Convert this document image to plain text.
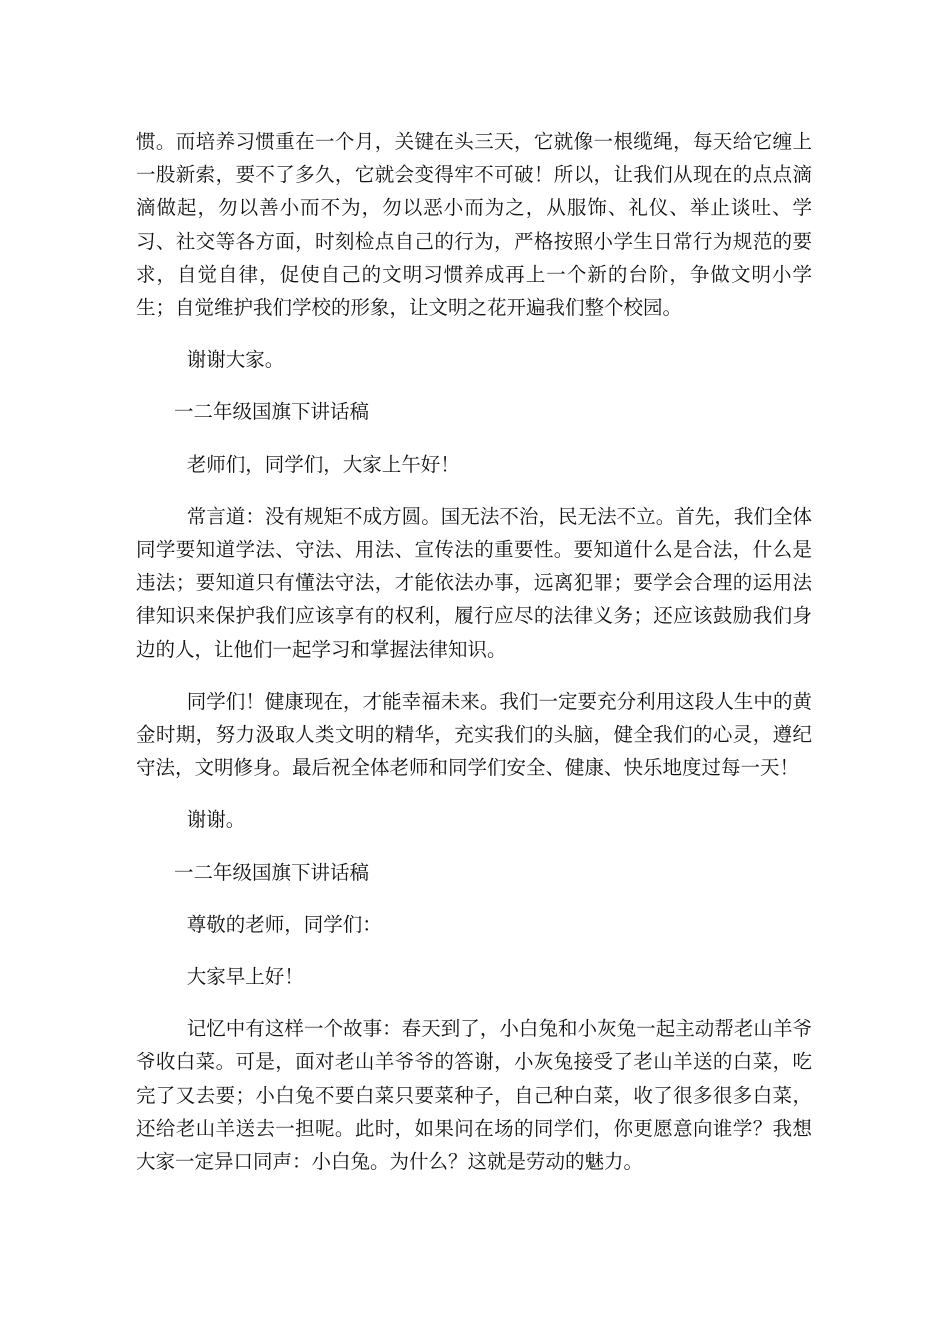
惯。而培养习惯重在一个月，关键在头三天，它就像一根缆绳，每天给它缠上一股新索，要不了多久，它就会变得牢不可破！所以，让我们从现在的点点滴滴做起，勿以善小而不为，勿以恶小而为之，从服饰、礼仪、举止谈吐、学习、社交等各方面，时刻检点自己的行为，严格按照小学生日常行为规范的要求，自觉自律，促使自己的文明习惯养成再上一个新的台阶，争做文明小学生；自觉维护我们学校的形象，让文明之花开遍我们整个校园。

谢谢大家。

一二年级国旗下讲话稿

老师们，同学们，大家上午好！

常言道：没有规矩不成方圆。国无法不治，民无法不立。首先，我们全体同学要知道学法、守法、用法、宣传法的重要性。要知道什么是合法，什么是违法；要知道只有懂法守法，才能依法办事，远离犯罪；要学会合理的运用法律知识来保护我们应该享有的权利，履行应尽的法律义务；还应该鼓励我们身边的人，让他们一起学习和掌握法律知识。

同学们！健康现在，才能幸福未来。我们一定要充分利用这段人生中的黄金时期，努力汲取人类文明的精华，充实我们的头脑，健全我们的心灵，遵纪守法，文明修身。最后祝全体老师和同学们安全、健康、快乐地度过每一天！

谢谢。

一二年级国旗下讲话稿

尊敬的老师，同学们：

大家早上好！

记忆中有这样一个故事：春天到了，小白兔和小灰兔一起主动帮老山羊爷爷收白菜。可是，面对老山羊爷爷的答谢，小灰兔接受了老山羊送的白菜，吃完了又去要；小白兔不要白菜只要菜种子，自己种白菜，收了很多很多白菜，还给老山羊送去一担呢。此时，如果问在场的同学们，你更愿意向谁学？我想大家一定异口同声：小白兔。为什么？这就是劳动的魅力。
